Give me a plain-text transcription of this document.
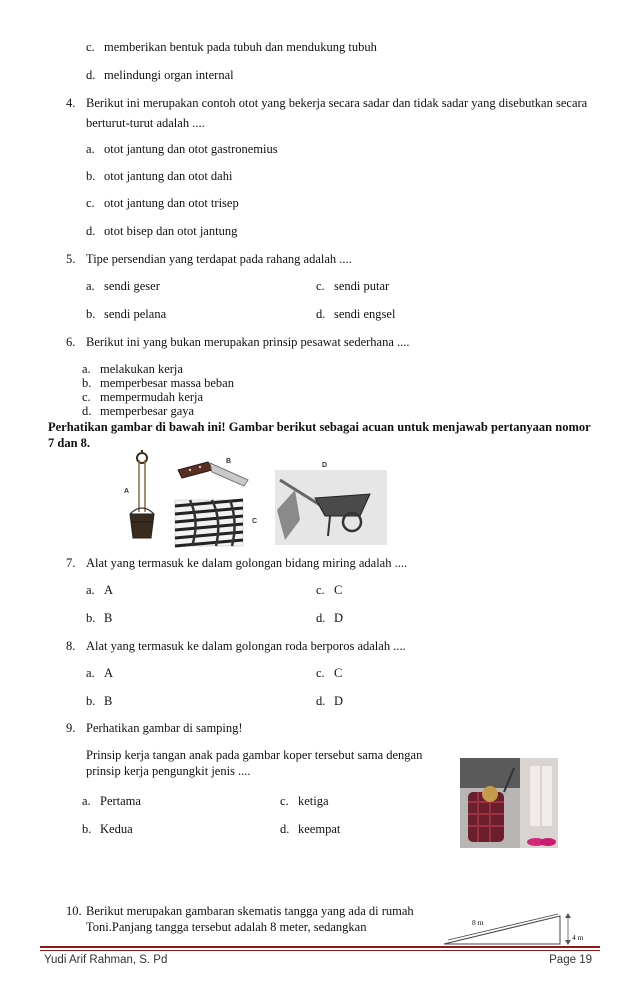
c. memberikan bentuk pada tubuh dan mendukung tubuh
d. melindungi organ internal
4. Berikut ini merupakan contoh otot yang bekerja secara sadar dan tidak sadar yang disebutkan secara
berturut-turut adalah ....
a. otot jantung dan otot gastronemius
b. otot jantung dan otot dahi
c. otot jantung dan otot trisep
d. otot bisep dan otot jantung
5. Tipe persendian yang terdapat pada rahang adalah ....
a. sendi geser	c. sendi putar
b. sendi pelana	d. sendi engsel
6. Berikut ini yang bukan merupakan prinsip pesawat sederhana ....
a. melakukan kerja
b. memperbesar massa beban
c. mempermudah kerja
d. memperbesar gaya
Perhatikan gambar di bawah ini! Gambar berikut sebagai acuan untuk menjawab pertanyaan nomor
7 dan 8.
A
B
C
D
7. Alat yang termasuk ke dalam golongan bidang miring adalah ....
a. A	c. C
b. B	d. D
8. Alat yang termasuk ke dalam golongan roda berporos adalah ....
a. A	c. C
b. B	d. D
9. Perhatikan gambar di samping!
Prinsip kerja tangan anak pada gambar koper tersebut sama dengan
prinsip kerja pengungkit jenis ....
a. Pertama	c. ketiga
b. Kedua	d. keempat
10. Berikut merupakan gambaran skematis tangga yang ada di rumah
Toni.Panjang tangga tersebut adalah 8 meter, sedangkan	8 m
4 m
Yudi Arif Rahman, S. Pd	Page 19
